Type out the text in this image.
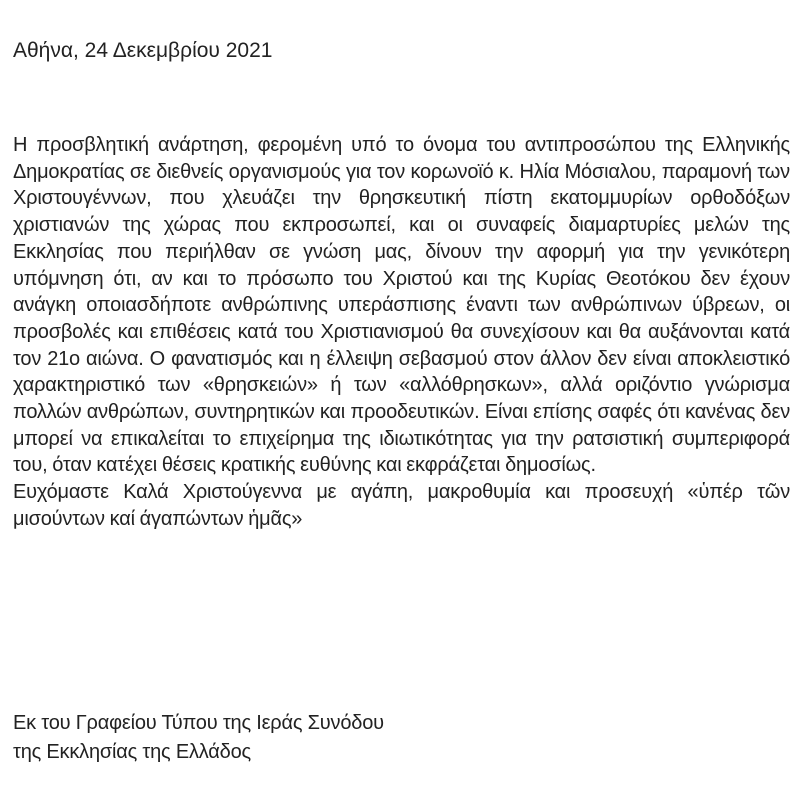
Αθήνα, 24 Δεκεμβρίου 2021

Η προσβλητική ανάρτηση, φερομένη υπό το όνομα του αντιπροσώπου της Ελληνικής Δημοκρατίας σε διεθνείς οργανισμούς για τον κορωνοϊό κ. Ηλία Μόσιαλου, παραμονή των Χριστουγέννων, που χλευάζει την θρησκευτική πίστη εκατομμυρίων ορθοδόξων χριστιανών της χώρας που εκπροσωπεί, και οι συναφείς διαμαρτυρίες μελών της Εκκλησίας που περιήλθαν σε γνώση μας, δίνουν την αφορμή για την γενικότερη υπόμνηση ότι, αν και το πρόσωπο του Χριστού και της Κυρίας Θεοτόκου δεν έχουν ανάγκη οποιασδήποτε ανθρώπινης υπεράσπισης έναντι των ανθρώπινων ύβρεων, οι προσβολές και επιθέσεις κατά του Χριστιανισμού θα συνεχίσουν και θα αυξάνονται κατά τον 21ο αιώνα. Ο φανατισμός και η έλλειψη σεβασμού στον άλλον δεν είναι αποκλειστικό χαρακτηριστικό των «θρησκειών» ή των «αλλόθρησκων», αλλά οριζόντιο γνώρισμα πολλών ανθρώπων, συντηρητικών και προοδευτικών. Είναι επίσης σαφές ότι κανένας δεν μπορεί να επικαλείται το επιχείρημα της ιδιωτικότητας για την ρατσιστική συμπεριφορά του, όταν κατέχει θέσεις κρατικής ευθύνης και εκφράζεται δημοσίως.

Ευχόμαστε Καλά Χριστούγεννα με αγάπη, μακροθυμία και προσευχή «ὑπέρ τῶν μισούντων καί άγαπώντων ἡμᾶς»

Εκ του Γραφείου Τύπου της Ιεράς Συνόδου
της Εκκλησίας της Ελλάδος
